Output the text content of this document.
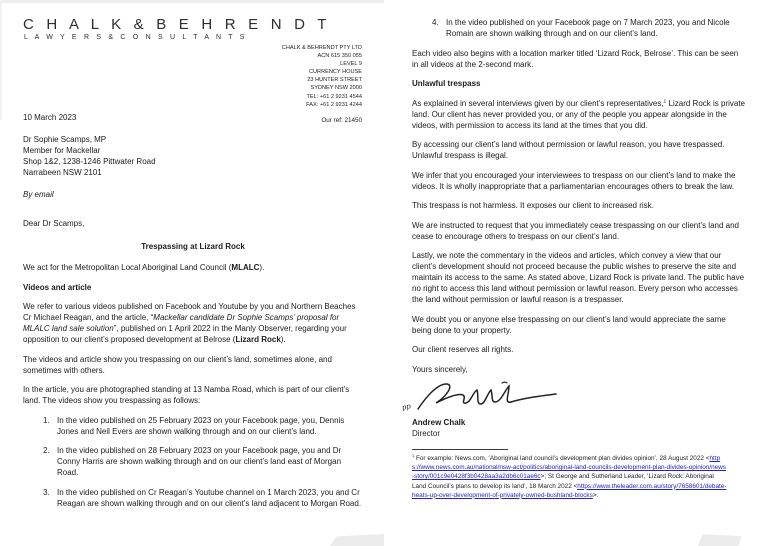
C H A L K & B E H R E N D T
L A W Y E R S & C O N S U L T A N T S
CHALK & BEHRENDT PTY LTD
ACN 615 350 055
LEVEL 9
CURRENCY HOUSE
23 HUNTER STREET
SYDNEY NSW 2000
TEL: +61 2 9231 4544
FAX: +61 2 9231 4244
Our ref: 21450
10 March 2023
Dr Sophie Scamps, MP
Member for Mackellar
Shop 1&2, 1238-1246 Pittwater Road
Narrabeen NSW 2101
By email
Dear Dr Scamps,
Trespassing at Lizard Rock

We act for the Metropolitan Local Aboriginal Land Council (MLALC).

Videos and article

We refer to various videos published on Facebook and Youtube by you and Northern Beaches Cr Michael Reagan, and the article, “Mackellar candidate Dr Sophie Scamps’ proposal for MLALC land sale solution”, published on 1 April 2022 in the Manly Observer, regarding your opposition to our client’s proposed development at Belrose (Lizard Rock).

The videos and article show you trespassing on our client’s land, sometimes alone, and sometimes with others.

In the article, you are photographed standing at 13 Namba Road, which is part of our client’s land. The videos show you trespassing as follows:

1. In the video published on 25 February 2023 on your Facebook page, you, Dennis Jones and Neil Evers are shown walking through and on our client’s land.
2. In the video published on 28 February 2023 on your Facebook page, you and Dr Conny Harris are shown walking through and on our client’s land east of Morgan Road.
3. In the video published on Cr Reagan’s Youtube channel on 1 March 2023, you and Cr Reagan are shown walking through and on our client’s land adjacent to Morgan Road.
4. In the video published on your Facebook page on 7 March 2023, you and Nicole Romain are shown walking through and on our client’s land.

Each video also begins with a location marker titled ‘Lizard Rock, Belrose’. This can be seen in all videos at the 2-second mark.

Unlawful trespass

As explained in several interviews given by our client’s representatives,$^1$ Lizard Rock is private land. Our client has never provided you, or any of the people you appear alongside in the videos, with permission to access its land at the times that you did.

By accessing our client’s land without permission or lawful reason, you have trespassed. Unlawful trespass is illegal.

We infer that you encouraged your interviewees to trespass on our client’s land to make the videos. It is wholly inappropriate that a parliamentarian encourages others to break the law.

This trespass is not harmless. It exposes our client to increased risk.

We are instructed to request that you immediately cease trespassing on our client’s land and cease to encourage others to trespass on our client’s land.

Lastly, we note the commentary in the videos and articles, which convey a view that our client’s development should not proceed because the public wishes to preserve the site and maintain its access to the same. As stated above, Lizard Rock is private land. The public have no right to access this land without permission or lawful reason. Every person who accesses the land without permission or lawful reason is a trespasser.

We doubt you or anyone else trespassing on our client’s land would appreciate the same being done to your property.

Our client reserves all rights.

Yours sincerely,

pp
Andrew Chalk
Director
$^1$ For example: News.com, ‘Aboriginal land council’s development plan divides opinion’, 28 August 2022 <https://www.news.com.au/national/nsw-act/politics/aboriginal-land-councils-development-plan-divides-opinion/news-story/001c9e0428f3b0428aa3a2db6c01ae6c>; St George and Sutherland Leader, ‘Lizard Rock: Aboriginal Land Council’s plans to develop its land’, 18 March 2022 <https://www.theleader.com.au/story/7658601/debate-heats-up-over-development-of-privately-owned-bushland-blocks>.
